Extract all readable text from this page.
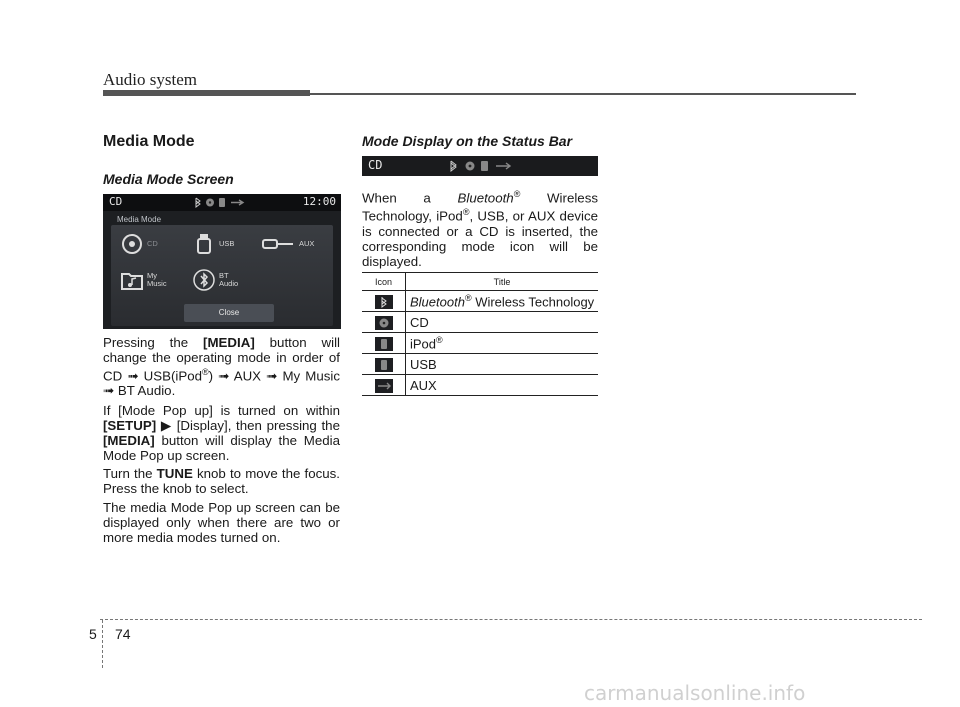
Audio system
Media Mode
Media Mode Screen
CD	12:00
Media Mode
CD	USB	AUX
My
Music
BT
Audio
Close
Pressing the [MEDIA] button will change the operating mode in order of CD ➟ USB(iPod®) ➟ AUX ➟ My Music ➟ BT Audio.
If [Mode Pop up] is turned on within [SETUP] ▶ [Display], then pressing the [MEDIA] button will display the Media Mode Pop up screen.
Turn the TUNE knob to move the focus. Press the knob to select.
The media Mode Pop up screen can be displayed only when there are two or more media modes turned on.
Mode Display on the Status Bar
CD
When a Bluetooth® Wireless Technology, iPod®, USB, or AUX device is connected or a CD is inserted, the corresponding mode icon will be displayed.
Icon	Title
	Bluetooth® Wireless Technology
	CD
	iPod®
	USB
	AUX
5 74
carmanualsonline.info
